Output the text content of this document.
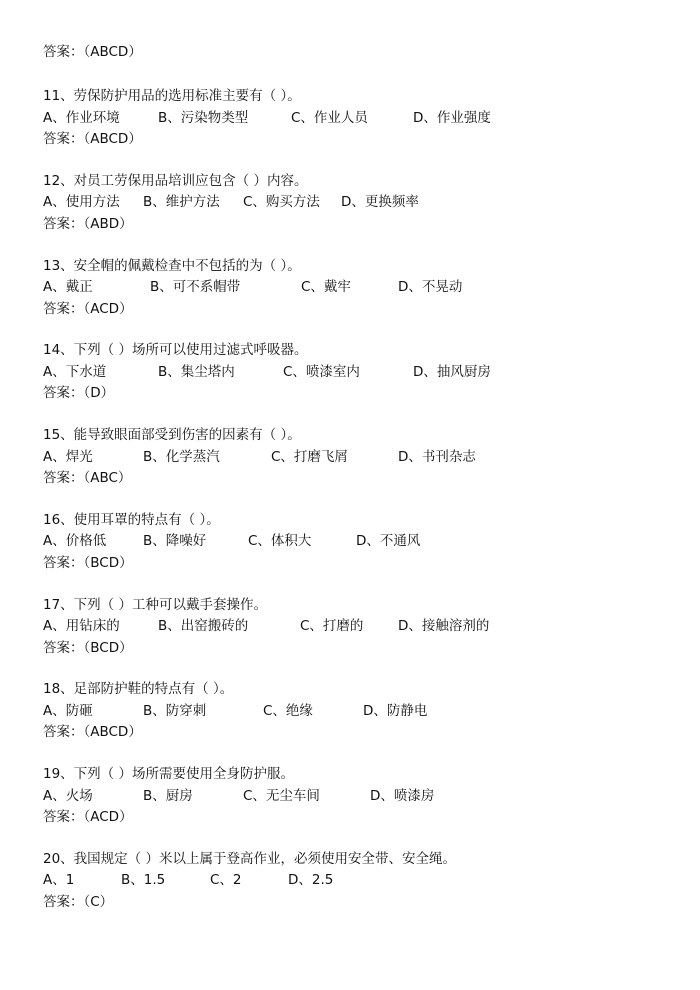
答案：（ABCD）
11、劳保防护用品的选用标准主要有（ ）。
A、作业环境	B、污染物类型	C、作业人员	D、作业强度
答案：（ABCD）
12、对员工劳保用品培训应包含（ ）内容。
A、使用方法 B、维护方法 C、购买方法 D、更换频率
答案：（ABD）
13、安全帽的佩戴检查中不包括的为（ ）。
A、戴正	B、可不系帽带	C、戴牢	D、不晃动
答案：（ACD）
14、下列（ ）场所可以使用过滤式呼吸器。
A、下水道	B、集尘塔内	C、喷漆室内	D、抽风厨房
答案：（D）
15、能导致眼面部受到伤害的因素有（ ）。
A、焊光	B、化学蒸汽	C、打磨飞屑	D、书刊杂志
答案：（ABC）
16、使用耳罩的特点有（ ）。
A、价格低	B、降噪好	C、体积大	D、不通风
答案：（BCD）
17、下列（ ）工种可以戴手套操作。
A、用钻床的	B、出窑搬砖的	C、打磨的	D、接触溶剂的
答案：（BCD）
18、足部防护鞋的特点有（ ）。
A、防砸	B、防穿刺	C、绝缘	D、防静电
答案：（ABCD）
19、下列（ ）场所需要使用全身防护服。
A、火场	B、厨房	C、无尘车间	D、喷漆房
答案：（ACD）
20、我国规定（ ）米以上属于登高作业，必须使用安全带、安全绳。
A、1	B、1.5	C、2	D、2.5
答案：（C）
